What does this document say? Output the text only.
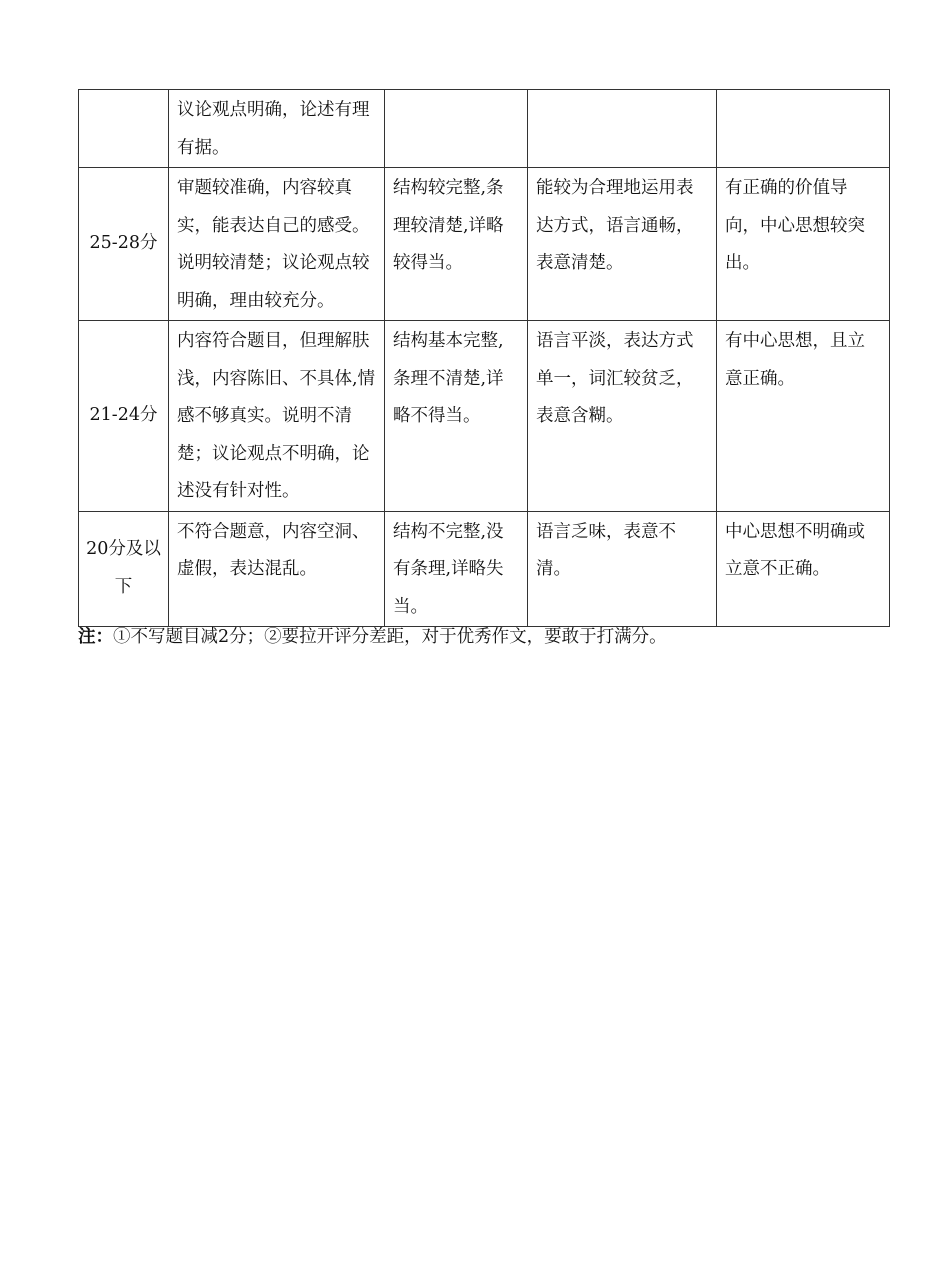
	议论观点明确，论述有理有据。			
25-28分	审题较准确，内容较真实，能表达自己的感受。说明较清楚；议论观点较明确，理由较充分。	结构较完整,条理较清楚,详略较得当。	能较为合理地运用表达方式，语言通畅，表意清楚。	有正确的价值导向，中心思想较突出。
21-24分	内容符合题目，但理解肤浅，内容陈旧、不具体,情感不够真实。说明不清楚；议论观点不明确，论述没有针对性。	结构基本完整,条理不清楚,详略不得当。	语言平淡，表达方式单一，词汇较贫乏，表意含糊。	有中心思想，且立意正确。
20分及以下	不符合题意，内容空洞、虚假，表达混乱。	结构不完整,没有条理,详略失当。	语言乏味，表意不清。	中心思想不明确或立意不正确。
注：①不写题目减2分；②要拉开评分差距，对于优秀作文，要敢于打满分。
